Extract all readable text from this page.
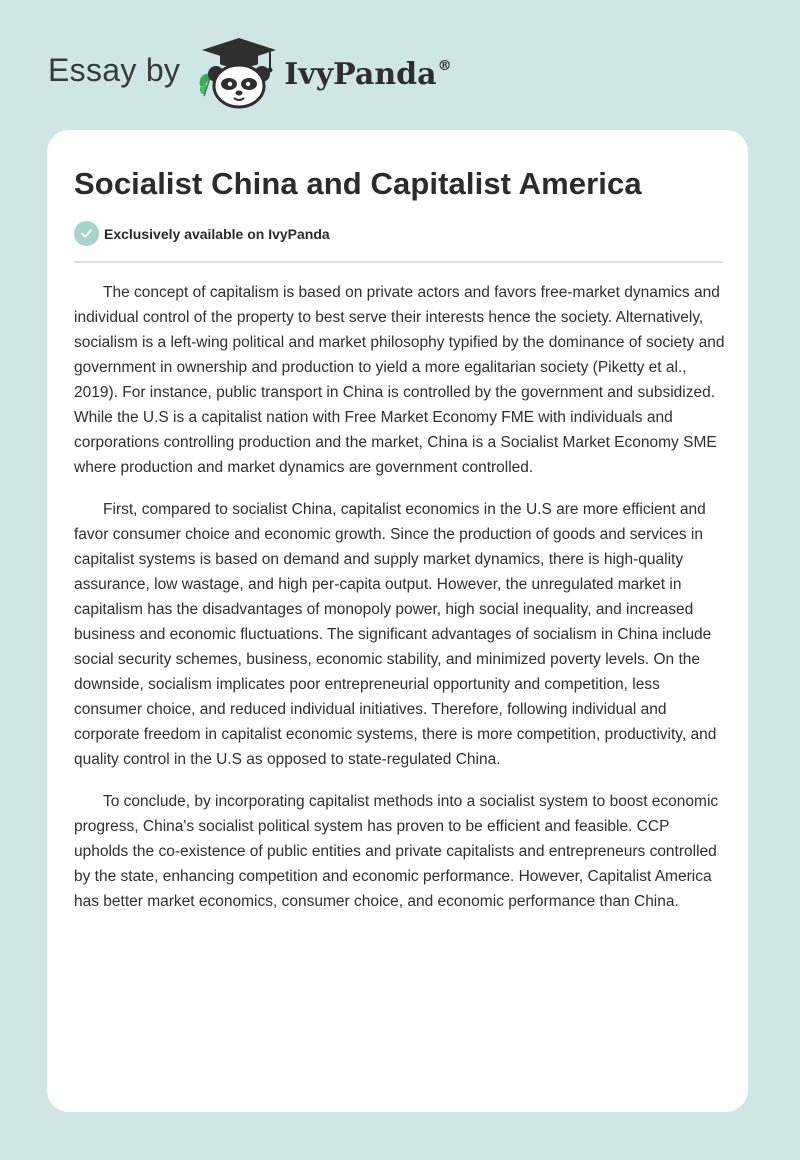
Essay by	IvyPanda®
Socialist China and Capitalist America
Exclusively available on IvyPanda

The concept of capitalism is based on private actors and favors free-market dynamics and individual control of the property to best serve their interests hence the society. Alternatively, socialism is a left-wing political and market philosophy typified by the dominance of society and government in ownership and production to yield a more egalitarian society (Piketty et al., 2019). For instance, public transport in China is controlled by the government and subsidized. While the U.S is a capitalist nation with Free Market Economy FME with individuals and corporations controlling production and the market, China is a Socialist Market Economy SME where production and market dynamics are government controlled.

First, compared to socialist China, capitalist economics in the U.S are more efficient and favor consumer choice and economic growth. Since the production of goods and services in capitalist systems is based on demand and supply market dynamics, there is high-quality assurance, low wastage, and high per-capita output. However, the unregulated market in capitalism has the disadvantages of monopoly power, high social inequality, and increased business and economic fluctuations. The significant advantages of socialism in China include social security schemes, business, economic stability, and minimized poverty levels. On the downside, socialism implicates poor entrepreneurial opportunity and competition, less consumer choice, and reduced individual initiatives. Therefore, following individual and corporate freedom in capitalist economic systems, there is more competition, productivity, and quality control in the U.S as opposed to state-regulated China.

To conclude, by incorporating capitalist methods into a socialist system to boost economic progress, China's socialist political system has proven to be efficient and feasible. CCP upholds the co-existence of public entities and private capitalists and entrepreneurs controlled by the state, enhancing competition and economic performance. However, Capitalist America has better market economics, consumer choice, and economic performance than China.
